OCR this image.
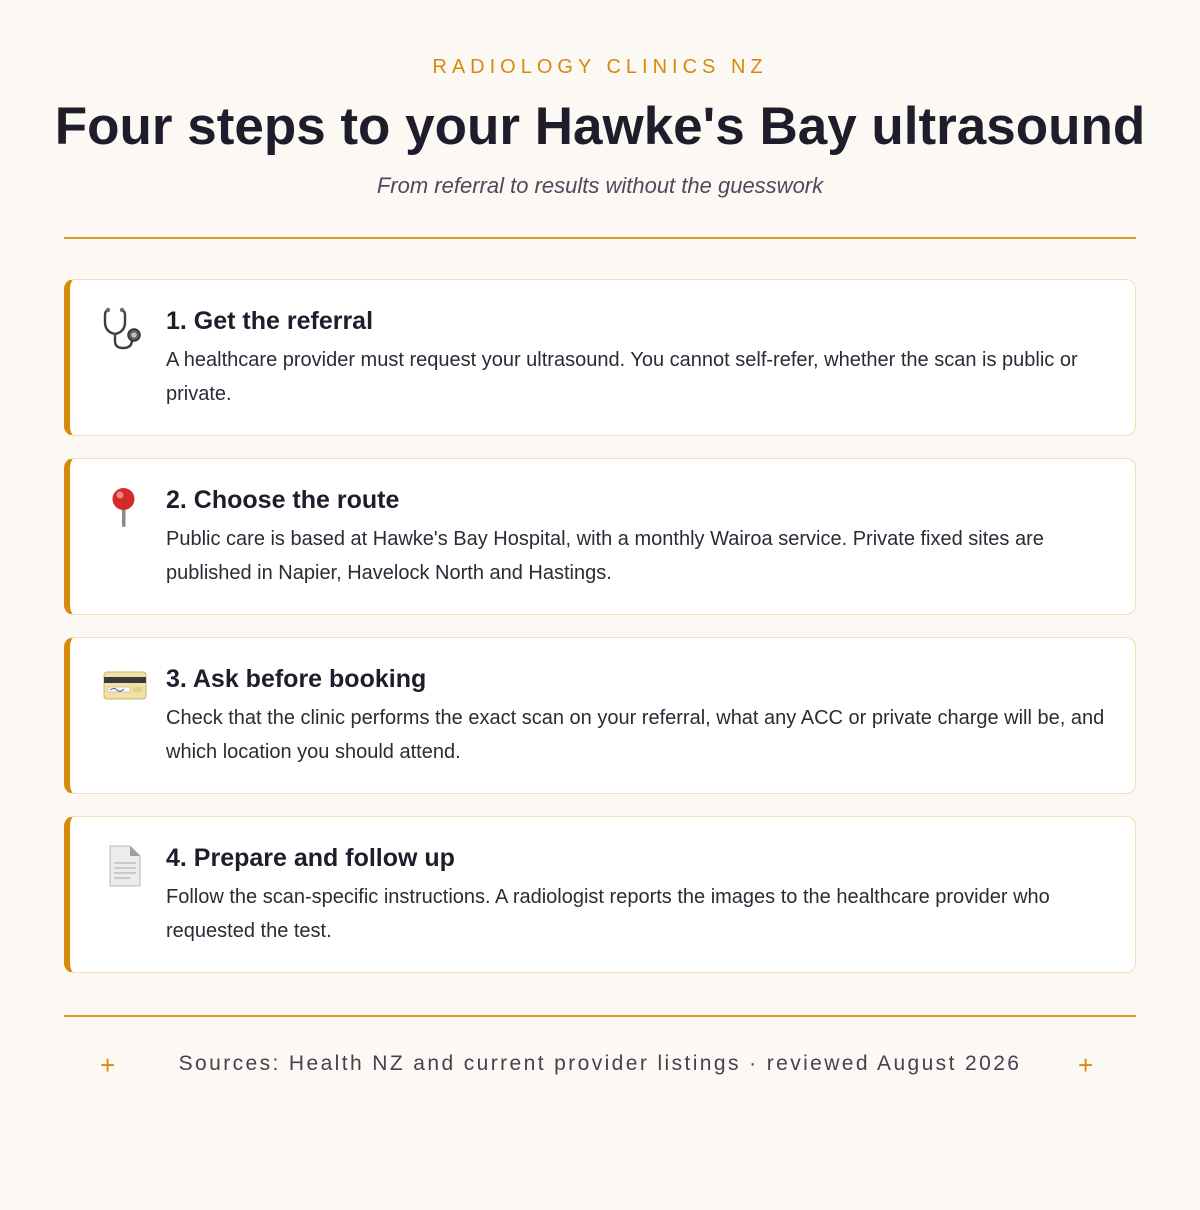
RADIOLOGY CLINICS NZ
Four steps to your Hawke's Bay ultrasound
From referral to results without the guesswork
1. Get the referral
A healthcare provider must request your ultrasound. You cannot self-refer, whether the scan is public or private.
2. Choose the route
Public care is based at Hawke's Bay Hospital, with a monthly Wairoa service. Private fixed sites are published in Napier, Havelock North and Hastings.
3. Ask before booking
Check that the clinic performs the exact scan on your referral, what any ACC or private charge will be, and which location you should attend.
4. Prepare and follow up
Follow the scan-specific instructions. A radiologist reports the images to the healthcare provider who requested the test.
+	Sources: Health NZ and current provider listings · reviewed August 2026	+
